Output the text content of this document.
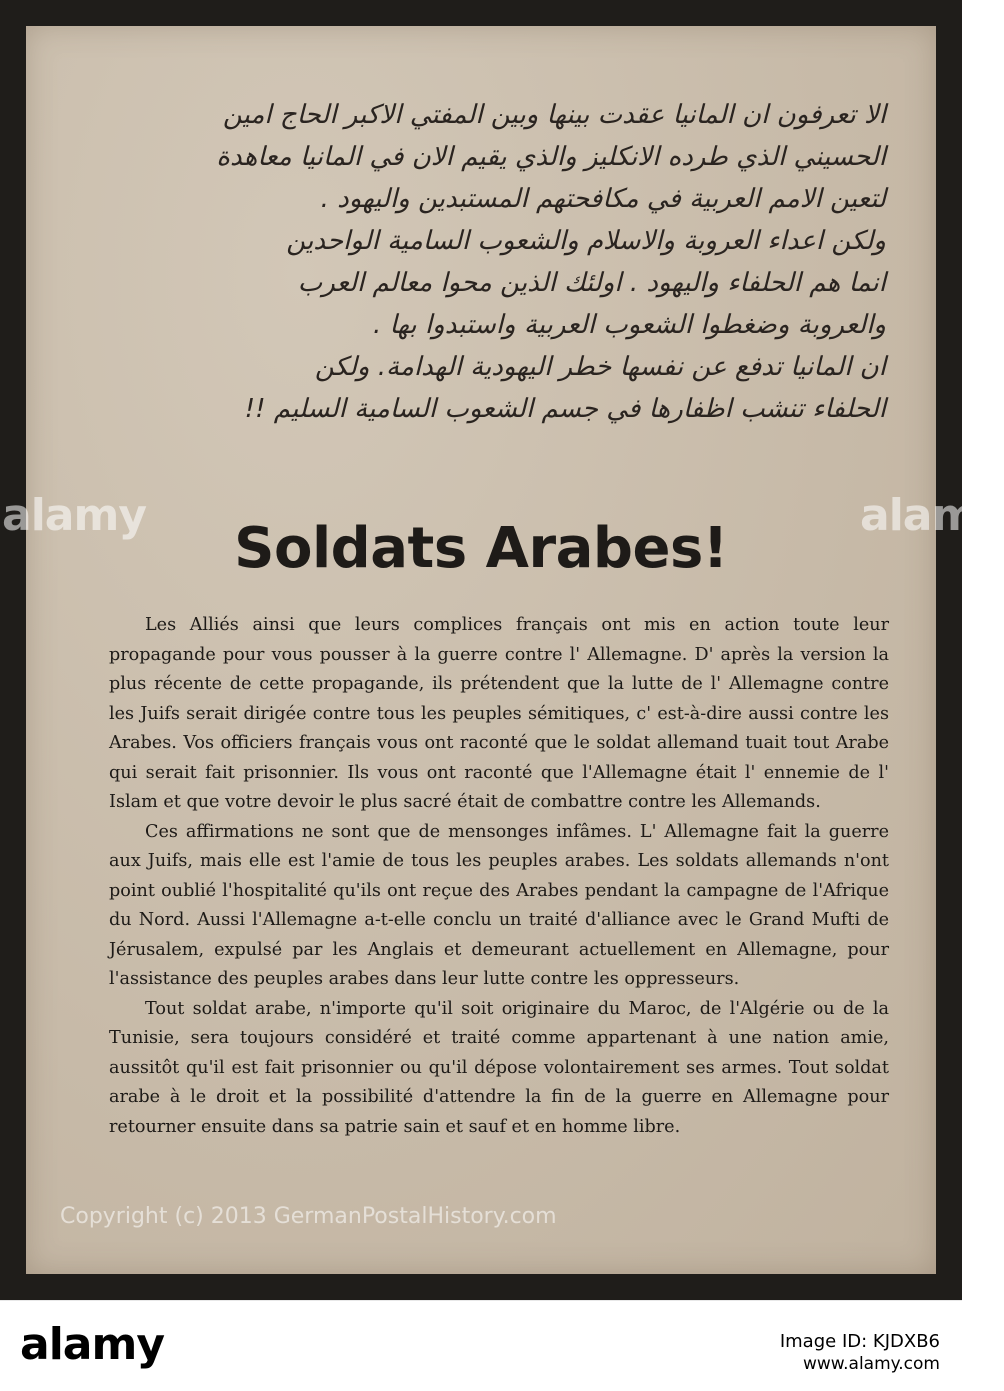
الا تعرفون ان المانيا عقدت بينها وبين المفتي الاكبر الحاج امين

الحسيني الذي طرده الانكليز والذي يقيم الان في المانيا معاهدة

لتعين الامم العربية في مكافحتهم المستبدين واليهود .

ولكن اعداء العروبة والاسلام والشعوب السامية الواحدين

انما هم الحلفاء واليهود . اولئك الذين محوا معالم العرب

والعروبة وضغطوا الشعوب العربية واستبدوا بها .

ان المانيا تدفع عن نفسها خطر اليهودية الهدامة. ولكن

الحلفاء تنشب اظفارها في جسم الشعوب السامية السليم !!

Soldats Arabes!

Les Alliés ainsi que leurs complices français ont mis en action toute leur propagande pour vous pousser à la guerre contre l' Allemagne. D' après la version la plus récente de cette propagande, ils prétendent que la lutte de l' Allemagne contre les Juifs serait dirigée contre tous les peuples sémitiques, c' est-à-dire aussi contre les Arabes. Vos officiers français vous ont raconté que le soldat allemand tuait tout Arabe qui serait fait prisonnier. Ils vous ont raconté que l'Allemagne était l' ennemie de l' Islam et que votre devoir le plus sacré était de combattre contre les Allemands.

Ces affirmations ne sont que de mensonges infâmes. L' Allemagne fait la guerre aux Juifs, mais elle est l'amie de tous les peuples arabes. Les soldats allemands n'ont point oublié l'hospitalité qu'ils ont reçue des Arabes pendant la campagne de l'Afrique du Nord. Aussi l'Allemagne a-t-elle conclu un traité d'alliance avec le Grand Mufti de Jérusalem, expulsé par les Anglais et demeurant actuellement en Allemagne, pour l'assistance des peuples arabes dans leur lutte contre les oppresseurs.

Tout soldat arabe, n'importe qu'il soit originaire du Maroc, de l'Algérie ou de la Tunisie, sera toujours considéré et traité comme appartenant à une nation amie, aussitôt qu'il est fait prisonnier ou qu'il dépose volontairement ses armes. Tout soldat arabe à le droit et la possibilité d'attendre la fin de la guerre en Allemagne pour retourner ensuite dans sa patrie sain et sauf et en homme libre.

Copyright (c) 2013 GermanPostalHistory.com
alamy	alamy
alamy	Image ID: KJDXB6
www.alamy.com
